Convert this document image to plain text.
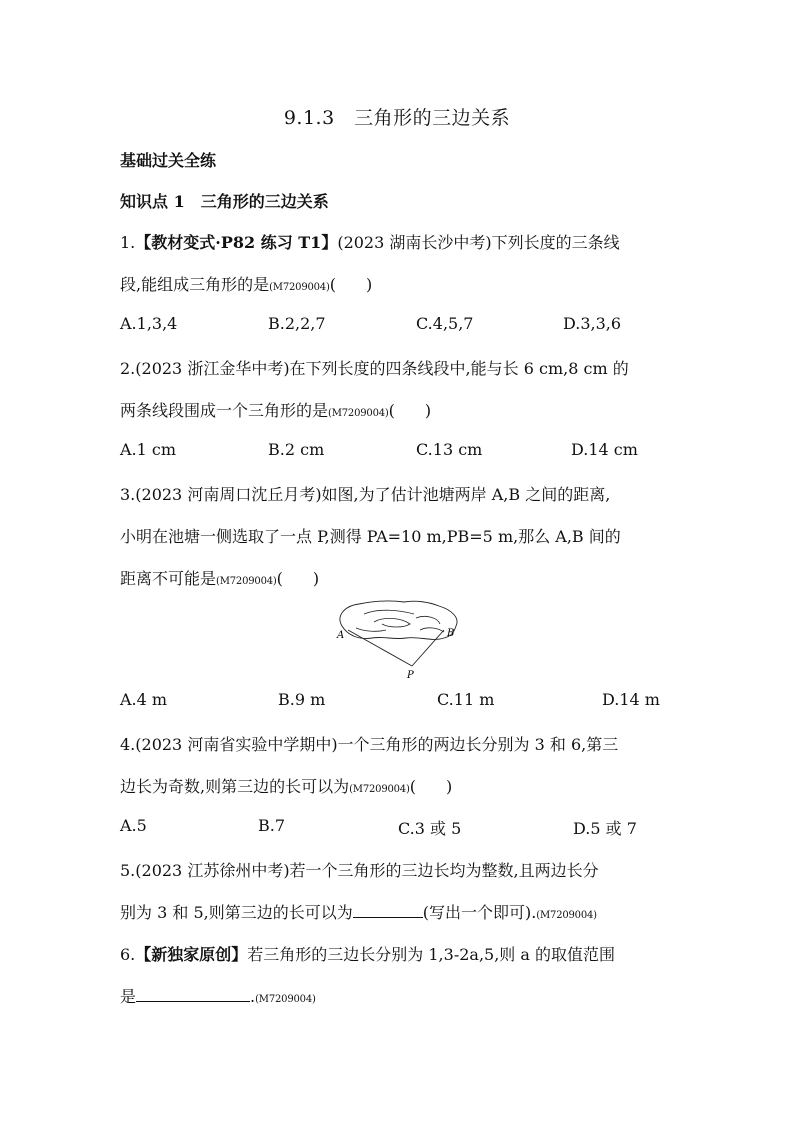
9.1.3　三角形的三边关系
基础过关全练
知识点 1　三角形的三边关系
1.【教材变式·P82 练习 T1】(2023 湖南长沙中考)下列长度的三条线
段,能组成三角形的是(M7209004)( )
A.1,3,4	B.2,2,7	C.4,5,7	D.3,3,6
2.(2023 浙江金华中考)在下列长度的四条线段中,能与长 6 cm,8 cm 的
两条线段围成一个三角形的是(M7209004)( )
A.1 cm	B.2 cm	C.13 cm	D.14 cm
3.(2023 河南周口沈丘月考)如图,为了估计池塘两岸 A,B 之间的距离,
小明在池塘一侧选取了一点 P,测得 PA=10 m,PB=5 m,那么 A,B 间的
距离不可能是(M7209004)( )
A	B
P
A.4 m	B.9 m	C.11 m	D.14 m
4.(2023 河南省实验中学期中)一个三角形的两边长分别为 3 和 6,第三
边长为奇数,则第三边的长可以为(M7209004)( )
A.5	B.7	C.3 或 5	D.5 或 7
5.(2023 江苏徐州中考)若一个三角形的三边长均为整数,且两边长分
别为 3 和 5,则第三边的长可以为	(写出一个即可).(M7209004)
6.【新独家原创】若三角形的三边长分别为 1,3-2a,5,则 a 的取值范围
是	.(M7209004)
